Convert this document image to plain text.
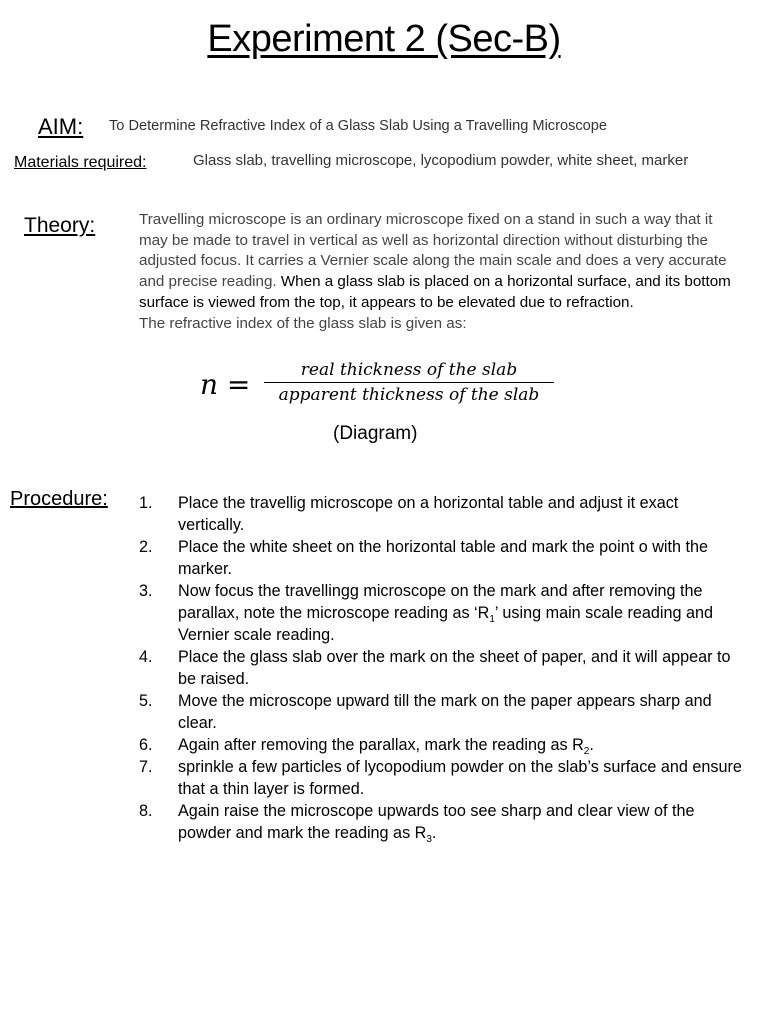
Experiment 2 (Sec-B)
AIM: To Determine Refractive Index of a Glass Slab Using a Travelling Microscope
Materials required:	Glass slab, travelling microscope, lycopodium powder, white sheet, marker
Theory:	Travelling microscope is an ordinary microscope fixed on a stand in such a way that it may be made to travel in vertical as well as horizontal direction without disturbing the adjusted focus. It carries a Vernier scale along the main scale and does a very accurate and precise reading. When a glass slab is placed on a horizontal surface, and its bottom surface is viewed from the top, it appears to be elevated due to refraction.
The refractive index of the glass slab is given as:
n =	real thickness of the slab
apparent thickness of the slab
(Diagram)
Procedure: 1. Place the travellig microscope on a horizontal table and adjust it exact vertically.
2. Place the white sheet on the horizontal table and mark the point o with the marker.
3. Now focus the travellingg microscope on the mark and after removing the parallax, note the microscope reading as ‘$R_1$’ using main scale reading and Vernier scale reading.
4. Place the glass slab over the mark on the sheet of paper, and it will appear to be raised.
5. Move the microscope upward till the mark on the paper appears sharp and clear.
6. Again after removing the parallax, mark the reading as $R_2$.
7. sprinkle a few particles of lycopodium powder on the slab’s surface and ensure that a thin layer is formed.
8. Again raise the microscope upwards too see sharp and clear view of the powder and mark the reading as $R_3$.
